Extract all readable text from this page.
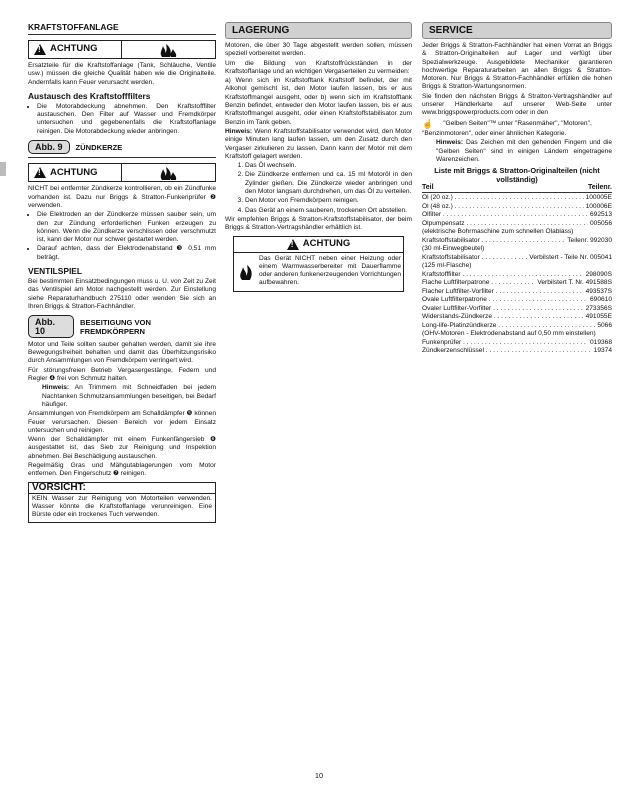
KRAFTSTOFFANLAGE
! ACHTUNG

Ersatzteile für die Kraftstoffanlage (Tank, Schläuche, Ventile usw.) müssen die gleiche Qualität haben wie die Originalteile. Andernfalls kann Feuer verursacht werden.

Austausch des Kraftstofffilters
• Die Motorabdeckung abnehmen. Den Kraftstofffilter austauschen. Den Filter auf Wasser und Fremdkörper untersuchen und gegebenenfalls die Kraftstoffanlage reinigen. Die Motorabdeckung wieder anbringen.
Abb. 9	ZÜNDKERZE
! ACHTUNG

NICHT bei entfernter Zündkerze kontrollieren, ob ein Zündfunke vorhanden ist. Dazu nur Briggs & Stratton-Funkenprüfer ❷ verwenden.

• Die Elektroden an der Zündkerze müssen sauber sein, um den zur Zündung erforderlichen Funken erzeugen zu können. Wenn die Zündkerze verschlissen oder verschmutzt ist, kann der Motor nur schwer gestartet werden.
• Darauf achten, dass der Elektrodenabstand ❸ 0,51 mm beträgt.
VENTILSPIEL

Bei bestimmten Einsatzbedingungen muss u. U. von Zeit zu Zeit das Ventilspiel am Motor nachgestellt werden. Zur Einstellung siehe Reparaturhandbuch 275110 oder wenden Sie sich an Ihren Briggs & Stratton-Fachhändler.

Abb. 10
BESEITIGUNG VON FREMDKÖRPERN

Motor und Teile sollten sauber gehalten werden, damit sie ihre Bewegungsfreiheit behalten und damit das Überhitzungsrisiko durch Ansammlungen von Fremdkörpern verringert wird.

Für störungsfreien Betrieb Vergasergestänge, Federn und Regler ❹ frei von Schmutz halten.

Hinweis: An Trimmern mit Schneidfaden bei jedem Nachtanken Schmutzansammlungen beseitigen, bei Bedarf häufiger.

Ansammlungen von Fremdkörpern am Schalldämpfer ❺ können Feuer verursachen. Diesen Bereich vor jedem Einsatz untersuchen und reinigen.

Wenn der Schalldämpfer mit einem Funkenfängersieb ❻ ausgestattet ist, das Sieb zur Reinigung und Inspektion abnehmen. Bei Beschädigung austauschen.

Regelmäßig Gras und Mähgutablagerungen vom Motor entfernen. Den Fingerschutz ❼ reinigen.

VORSICHT:

KEIN Wasser zur Reinigung von Motorteilen verwenden. Wasser könnte die Kraftstoffanlage verunreinigen. Eine Bürste oder ein trockenes Tuch verwenden.

LAGERUNG

Motoren, die über 30 Tage abgestellt werden sollen, müssen speziell vorbereitet werden.

Um die Bildung von Kraftstoffrückständen in der Kraftstoffanlage und an wichtigen Vergaserteilen zu vermeiden:

a) Wenn sich im Kraftstofftank Kraftstoff befindet, der mit Alkohol gemischt ist, den Motor laufen lassen, bis er aus Kraftstoffmangel ausgeht, oder b) wenn sich im Kraftstofftank Benzin befindet, entweder den Motor laufen lassen, bis er aus Kraftstoffmangel ausgeht, oder einen Kraftstoffstabilisator zum Benzin im Tank geben.

Hinweis: Wenn Kraftstoffstabilisator verwendet wird, den Motor einige Minuten lang laufen lassen, um den Zusatz durch den Vergaser zirkulieren zu lassen. Dann kann der Motor mit dem Kraftstoff gelagert werden.

1. Das Öl wechseln.
2. Die Zündkerze entfernen und ca. 15 ml Motoröl in den Zylinder gießen. Die Zündkerze wieder anbringen und den Motor langsam durchdrehen, um das Öl zu verteilen.
3. Den Motor von Fremdkörpern reinigen.
4. Das Gerät an einem sauberen, trockenen Ort abstellen.

Wir empfehlen Briggs & Stratton-Kraftstoffstabilisator, der beim Briggs & Stratton-Vertragshändler erhältlich ist.

! ACHTUNG

Das Gerät NICHT neben einer Heizung oder einem Warmwasserbereiter mit Dauerflamme oder anderen funkenerzeugenden Vorrichtungen aufbewahren.

SERVICE

Jeder Briggs & Stratton-Fachhändler hat einen Vorrat an Briggs & Stratton-Originalteilen auf Lager und verfügt über Spezialwerkzeuge. Ausgebildete Mechaniker garantieren hochwertige Reparaturarbeiten an allen Briggs & Stratton-Motoren. Nur Briggs & Stratton-Fachhändler erfüllen die hohen Briggs & Stratton-Wartungsnormen.

Sie finden den nächsten Briggs & Stratton-Vertragshändler auf unserer Händlerkarte auf unserer Web-Seite unter www.briggspowerproducts.com oder in den

☝ "Gelben Seiten"™ unter "Rasenmäher", "Motoren",

"Benzinmotoren", oder einer ähnlichen Kategorie.

Hinweis: Das Zeichen mit den gehenden Fingern und die "Gelben Seiten" sind in einigen Ländern eingetragene Warenzeichen.

Liste mit Briggs & Stratton-Originalteilen (nicht vollständig)
Teil	Teilenr.
Öl (20 oz.) . . .	100005E
Öl (48 oz.) . . .	100006E
Ölfilter . . .	692513
Ölpumpensatz . . .	005056
(elektrische Bohrmaschine zum schnellen Ölablass)
Kraftstoffstabilisator . . .	Teilenr. 992030
(30 ml-Einwegbeutel)
Kraftstoffstabilisator . . .	Verbilstert - Teile Nr. 005041
(125 ml-Flasche)
Kraftstofffilter . . .	298090S
Flache Luftfilterpatrone . . .	Verbilstert T. Nr. 491588S
Flacher Luftfilter-Vorfilter . . .	493537S
Ovale Luftfilterpatrone . . .	690610
Ovaler Luftfilter-Vorfilter . . .	273356S
Widerstands-Zündkerze . . .	491055E
Long-life-Platinzündkerze . . .	5066
(OHV-Motoren - Elektrodenabstand auf 0,50 mm einstellen)
Funkenprüfer . . .	019368
Zündkerzenschlüssel . . .	19374
10
